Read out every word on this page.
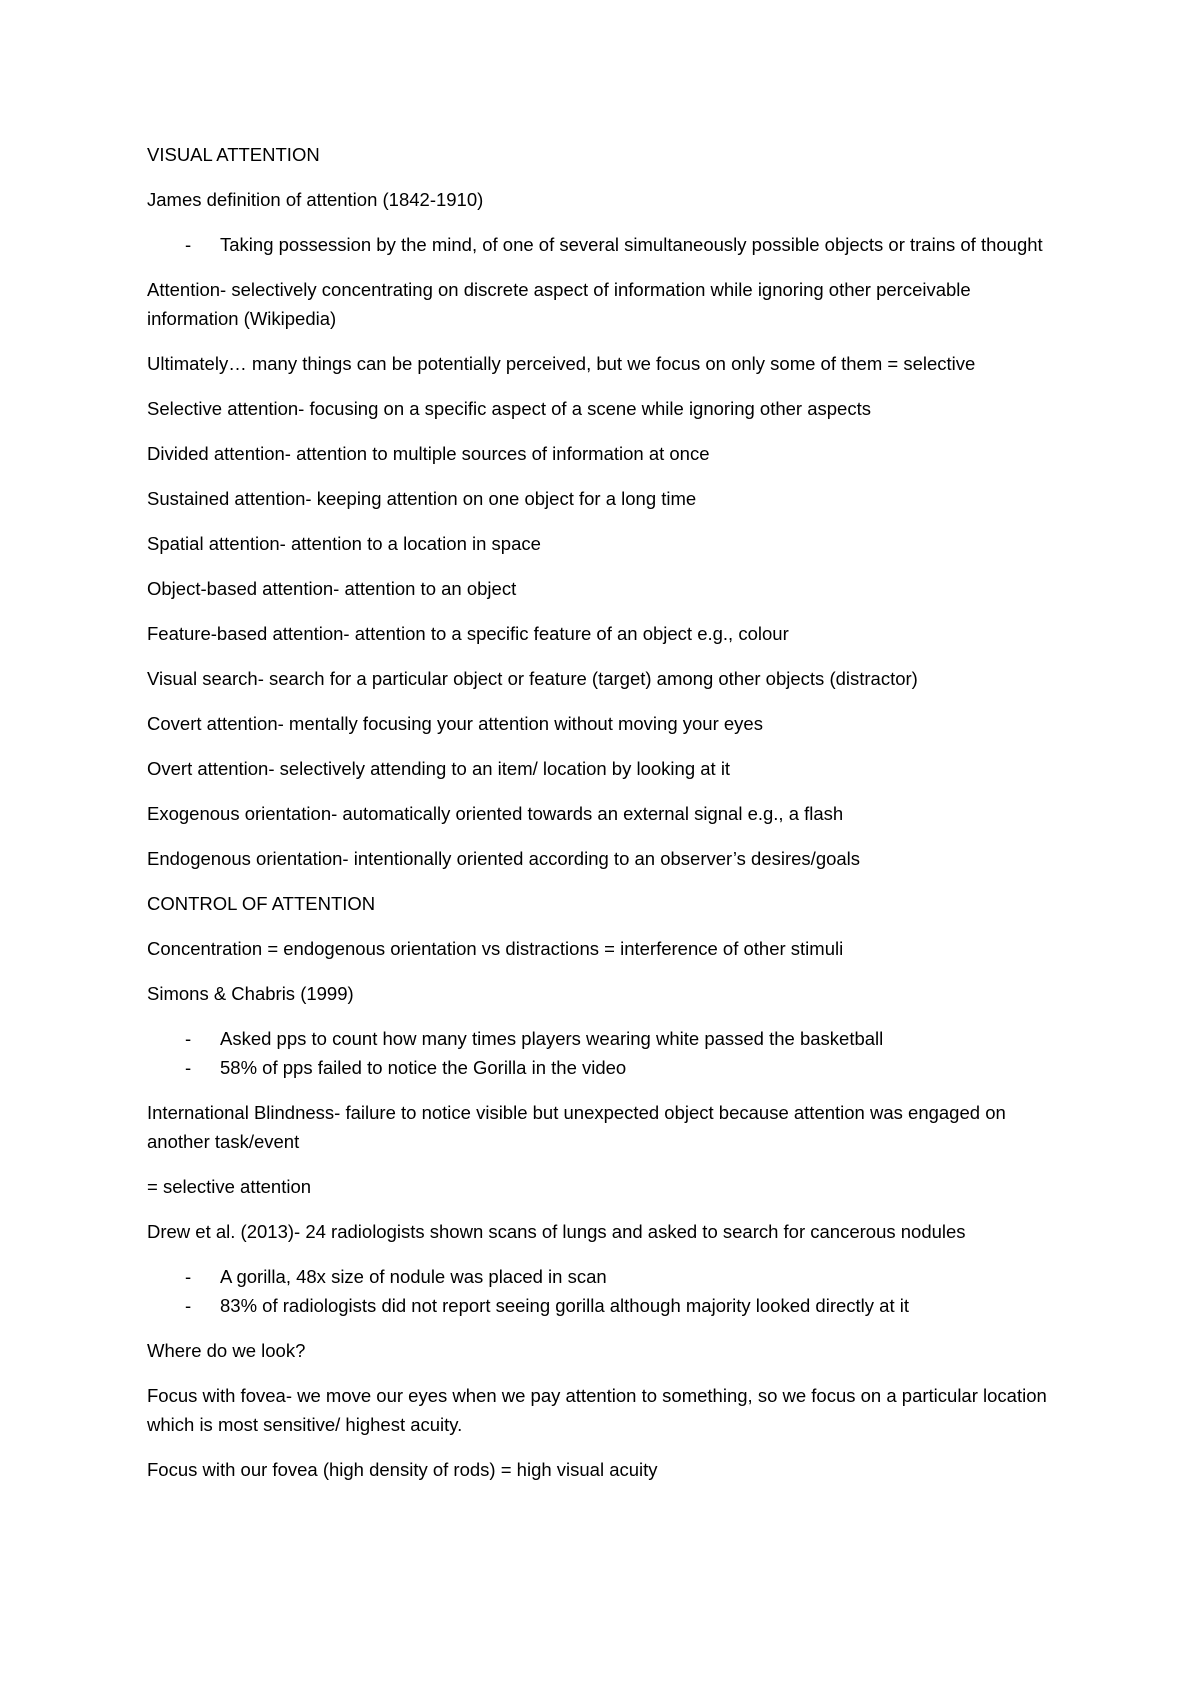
VISUAL ATTENTION

James definition of attention (1842-1910)

- Taking possession by the mind, of one of several simultaneously possible objects or trains of thought

Attention- selectively concentrating on discrete aspect of information while ignoring other perceivable information (Wikipedia)

Ultimately… many things can be potentially perceived, but we focus on only some of them = selective

Selective attention- focusing on a specific aspect of a scene while ignoring other aspects

Divided attention- attention to multiple sources of information at once

Sustained attention- keeping attention on one object for a long time

Spatial attention- attention to a location in space

Object-based attention- attention to an object

Feature-based attention- attention to a specific feature of an object e.g., colour

Visual search- search for a particular object or feature (target) among other objects (distractor)

Covert attention- mentally focusing your attention without moving your eyes

Overt attention- selectively attending to an item/ location by looking at it

Exogenous orientation- automatically oriented towards an external signal e.g., a flash

Endogenous orientation- intentionally oriented according to an observer’s desires/goals

CONTROL OF ATTENTION

Concentration = endogenous orientation vs distractions = interference of other stimuli

Simons & Chabris (1999)

- Asked pps to count how many times players wearing white passed the basketball
- 58% of pps failed to notice the Gorilla in the video

International Blindness- failure to notice visible but unexpected object because attention was engaged on another task/event

= selective attention

Drew et al. (2013)- 24 radiologists shown scans of lungs and asked to search for cancerous nodules

- A gorilla, 48x size of nodule was placed in scan
- 83% of radiologists did not report seeing gorilla although majority looked directly at it

Where do we look?

Focus with fovea- we move our eyes when we pay attention to something, so we focus on a particular location which is most sensitive/ highest acuity.

Focus with our fovea (high density of rods) = high visual acuity
